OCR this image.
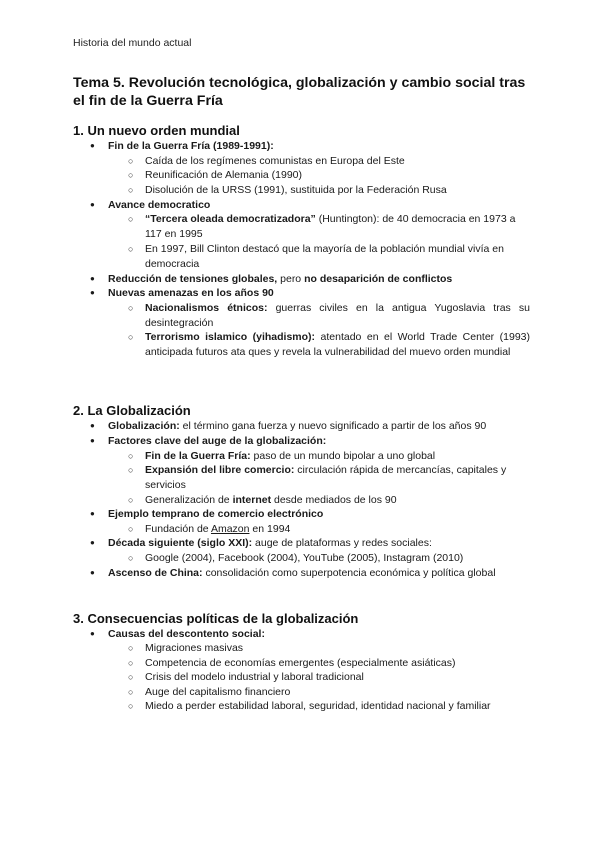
Historia del mundo actual
Tema 5. Revolución tecnológica, globalización y cambio social tras el fin de la Guerra Fría
1. Un nuevo orden mundial
● Fin de la Guerra Fría (1989-1991):
○ Caída de los regímenes comunistas en Europa del Este
○ Reunificación de Alemania (1990)
○ Disolución de la URSS (1991), sustituida por la Federación Rusa
● Avance democratico
○ “Tercera oleada democratizadora” (Huntington): de 40 democracia en 1973 a 117 en 1995
○ En 1997, Bill Clinton destacó que la mayoría de la población mundial vivía en democracia
● Reducción de tensiones globales, pero no desaparición de conflictos
● Nuevas amenazas en los años 90
○ Nacionalismos étnicos: guerras civiles en la antigua Yugoslavia tras su desintegración
○ Terrorismo islamico (yihadismo): atentado en el World Trade Center (1993) anticipada futuros ata ques y revela la vulnerabilidad del muevo orden mundial
2. La Globalización
● Globalización: el término gana fuerza y nuevo significado a partir de los años 90
● Factores clave del auge de la globalización:
○ Fin de la Guerra Fría: paso de un mundo bipolar a uno global
○ Expansión del libre comercio: circulación rápida de mercancías, capitales y servicios
○ Generalización de internet desde mediados de los 90
● Ejemplo temprano de comercio electrónico
○ Fundación de Amazon en 1994
● Década siguiente (siglo XXI): auge de plataformas y redes sociales:
○ Google (2004), Facebook (2004), YouTube (2005), Instagram (2010)
● Ascenso de China: consolidación como superpotencia económica y política global
3. Consecuencias políticas de la globalización
● Causas del descontento social:
○ Migraciones masivas
○ Competencia de economías emergentes (especialmente asiáticas)
○ Crisis del modelo industrial y laboral tradicional
○ Auge del capitalismo financiero
○ Miedo a perder estabilidad laboral, seguridad, identidad nacional y familiar
